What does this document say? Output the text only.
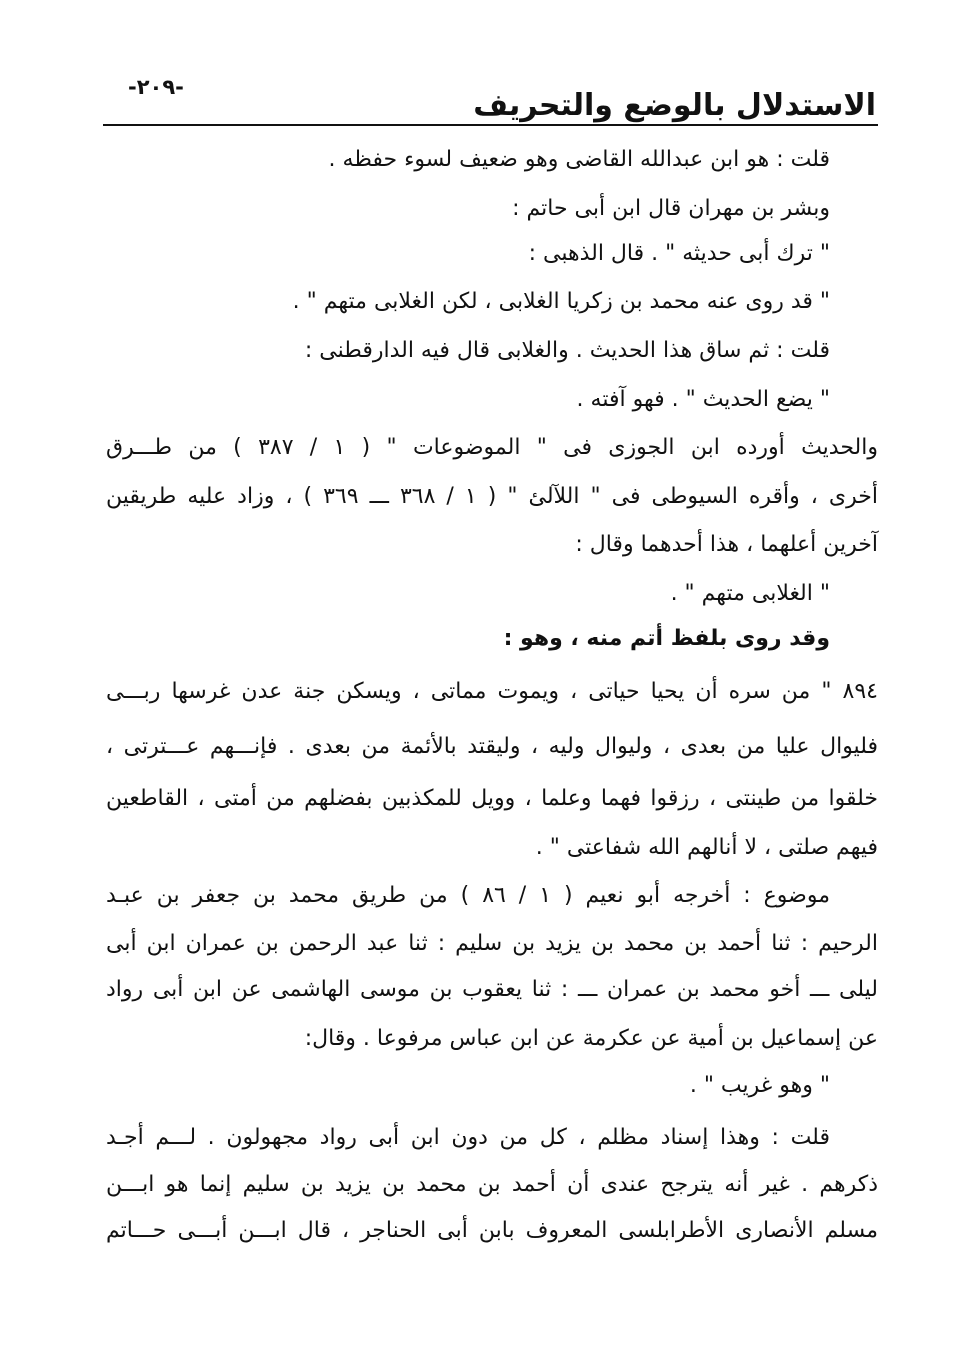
الاستدلال بالوضع والتحريف
-٢٠٩-
قلت : هو ابن عبدالله القاضى وهو ضعيف لسوء حفظه .
وبشر بن مهران قال ابن أبى حاتم :
" ترك أبى حديثه " . قال الذهبى :
" قد روى عنه محمد بن زكريا الغلابى ، لكن الغلابى متهم " .
قلت : ثم ساق هذا الحديث . والغلابى قال فيه الدارقطنى :
" يضع الحديث " . فهو آفته .
والحديث أورده ابن الجوزى فى " الموضوعات " ( ١ / ٣٨٧ ) من طـــرق
أخرى ، وأقره السيوطى فى " اللآلئ " ( ١ / ٣٦٨ ـــ ٣٦٩ ) ، وزاد عليه طريقين
آخرين أعلهما ، هذا أحدهما وقال :
" الغلابى متهم " .
وقد روى بلفظ أتم منه ، وهو :
٨٩٤ " من سره أن يحيا حياتى ، ويموت مماتى ، ويسكن جنة عدن غرسها ربـــى
فليوال عليا من بعدى ، وليوال وليه ، وليقتد بالأئمة من بعدى . فإنـــهم عـــترتى ،
خلقوا من طينتى ، رزقوا فهما وعلما ، وويل للمكذبين بفضلهم من أمتى ، القاطعين
فيهم صلتى ، لا أنالهم الله شفاعتى " .
موضوع : أخرجه أبو نعيم ( ١ / ٨٦ ) من طريق محمد بن جعفر بن عبـد
الرحيم : ثنا أحمد بن محمد بن يزيد بن سليم : ثنا عبد الرحمن بن عمران ابن أبى
ليلى ـــ أخو محمد بن عمران ـــ : ثنا يعقوب بن موسى الهاشمى عن ابن أبى رواد
عن إسماعيل بن أمية عن عكرمة عن ابن عباس مرفوعا . وقال:
" وهو غريب " .
قلت : وهذا إسناد مظلم ، كل من دون ابن أبى رواد مجهولون . لـــم أجـد
ذكرهم . غير أنه يترجح عندى أن أحمد بن محمد بن يزيد بن سليم إنما هو ابـــن
مسلم الأنصارى الأطرابلسى المعروف بابن أبى الحناجر ، قال ابـــن أبـــى حـــاتم
